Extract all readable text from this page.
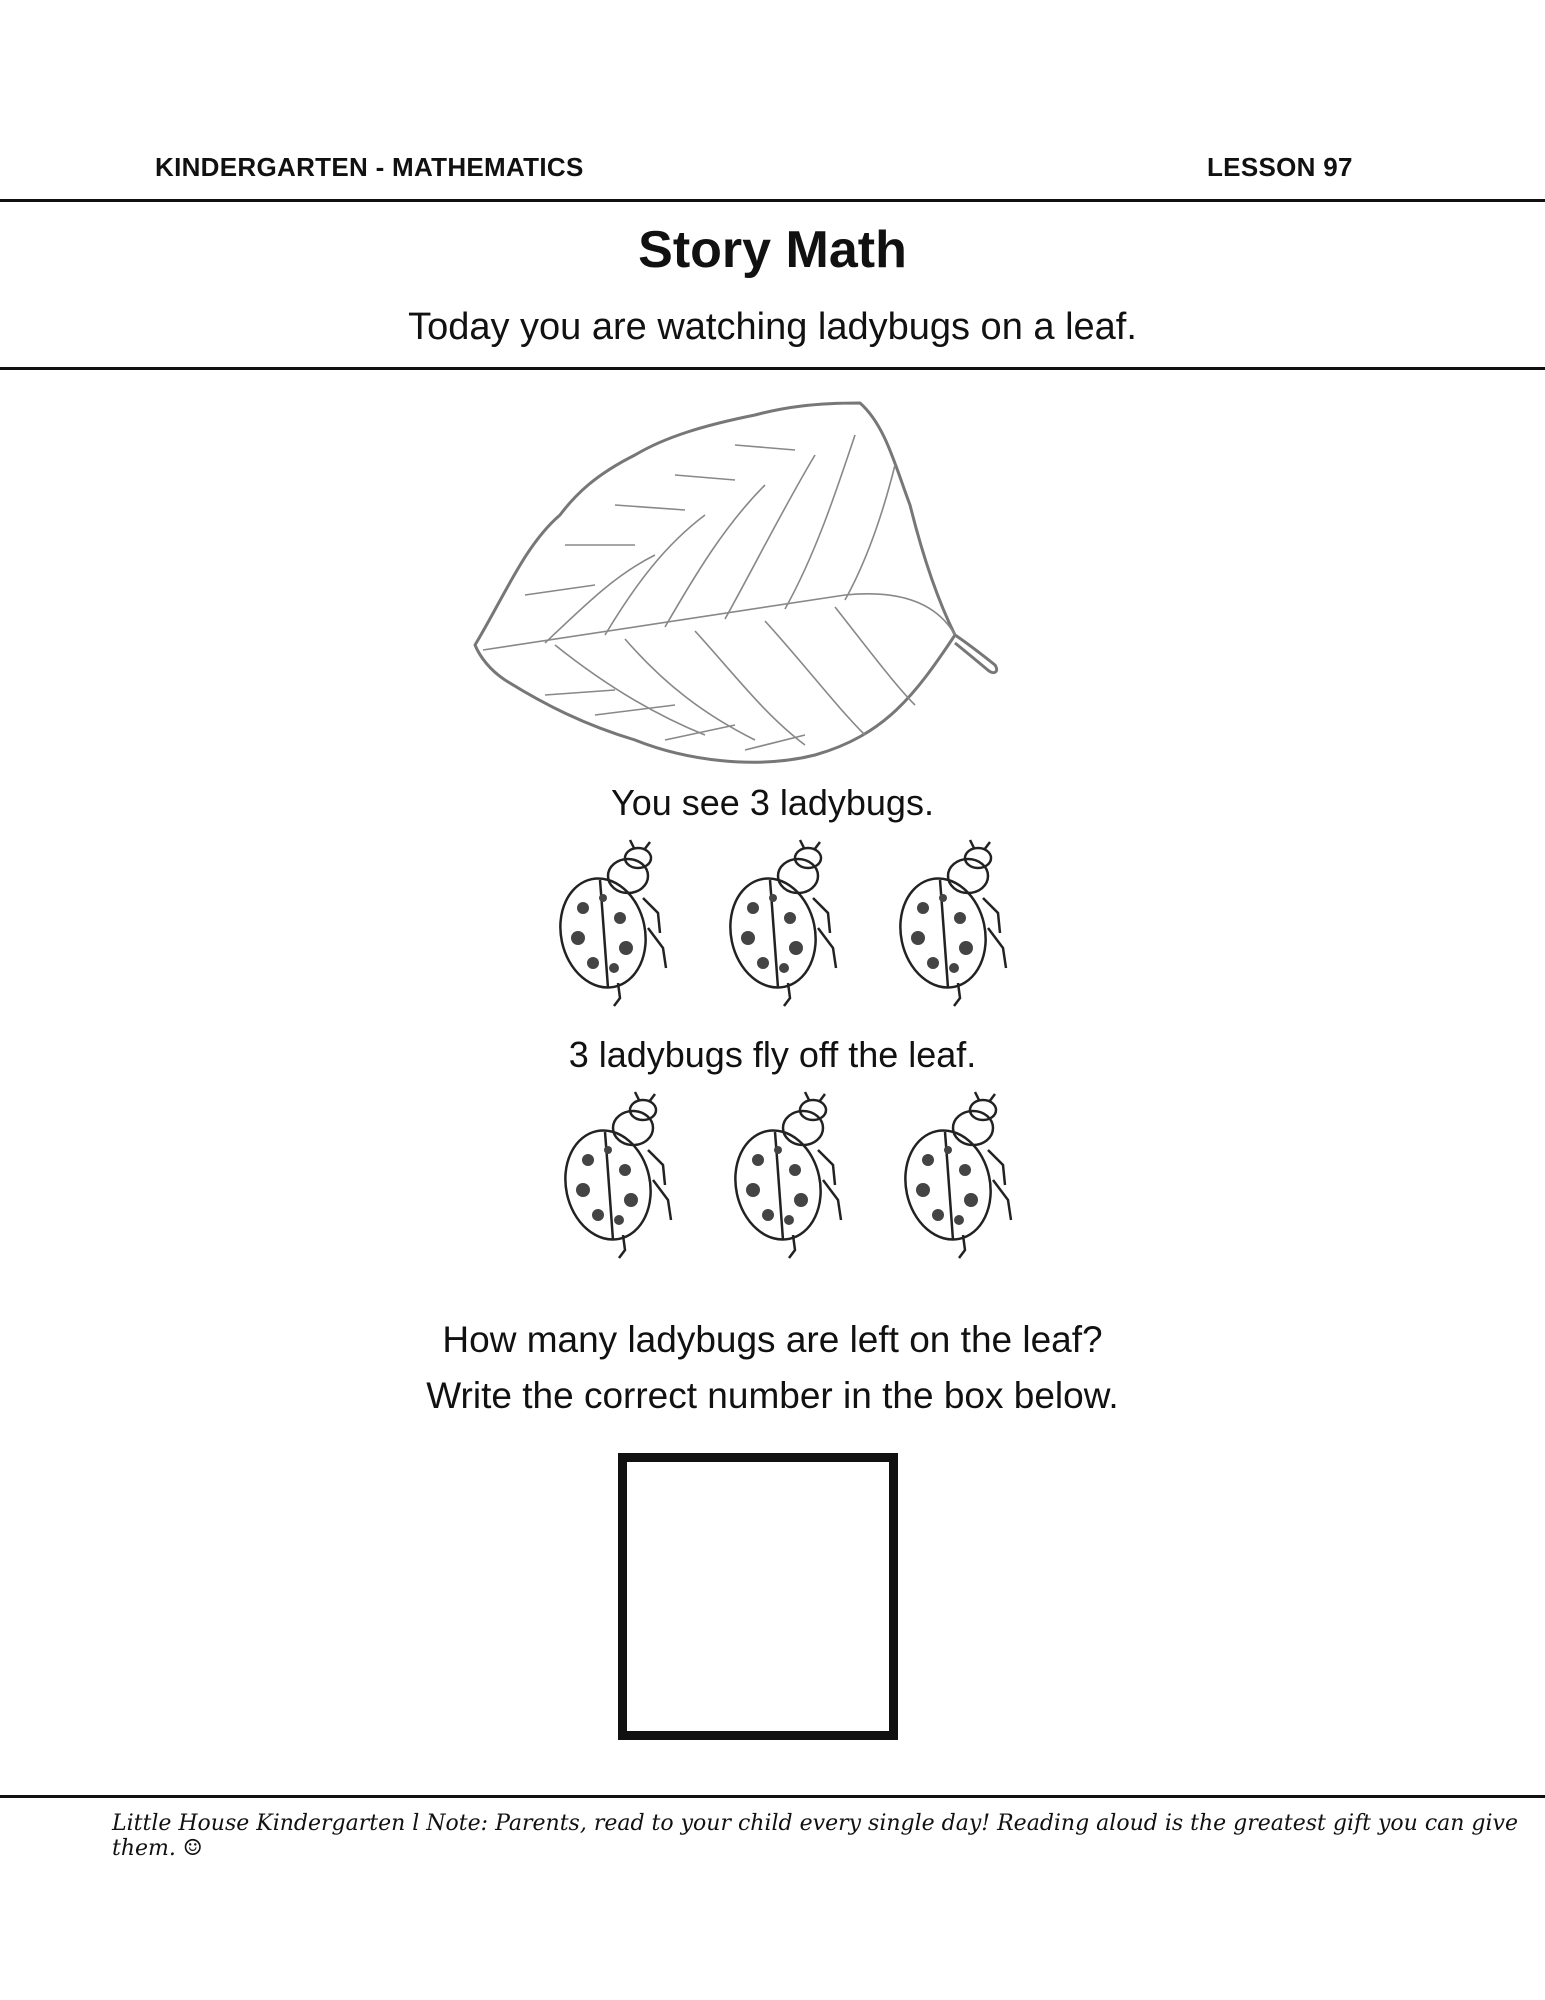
KINDERGARTEN - MATHEMATICS	LESSON 97
Story Math
Today you are watching ladybugs on a leaf.
You see 3 ladybugs.
3 ladybugs fly off the leaf.
How many ladybugs are left on the leaf?
Write the correct number in the box below.
Little House Kindergarten l Note: Parents, read to your child every single day! Reading aloud is the greatest gift you can give them. ☺
